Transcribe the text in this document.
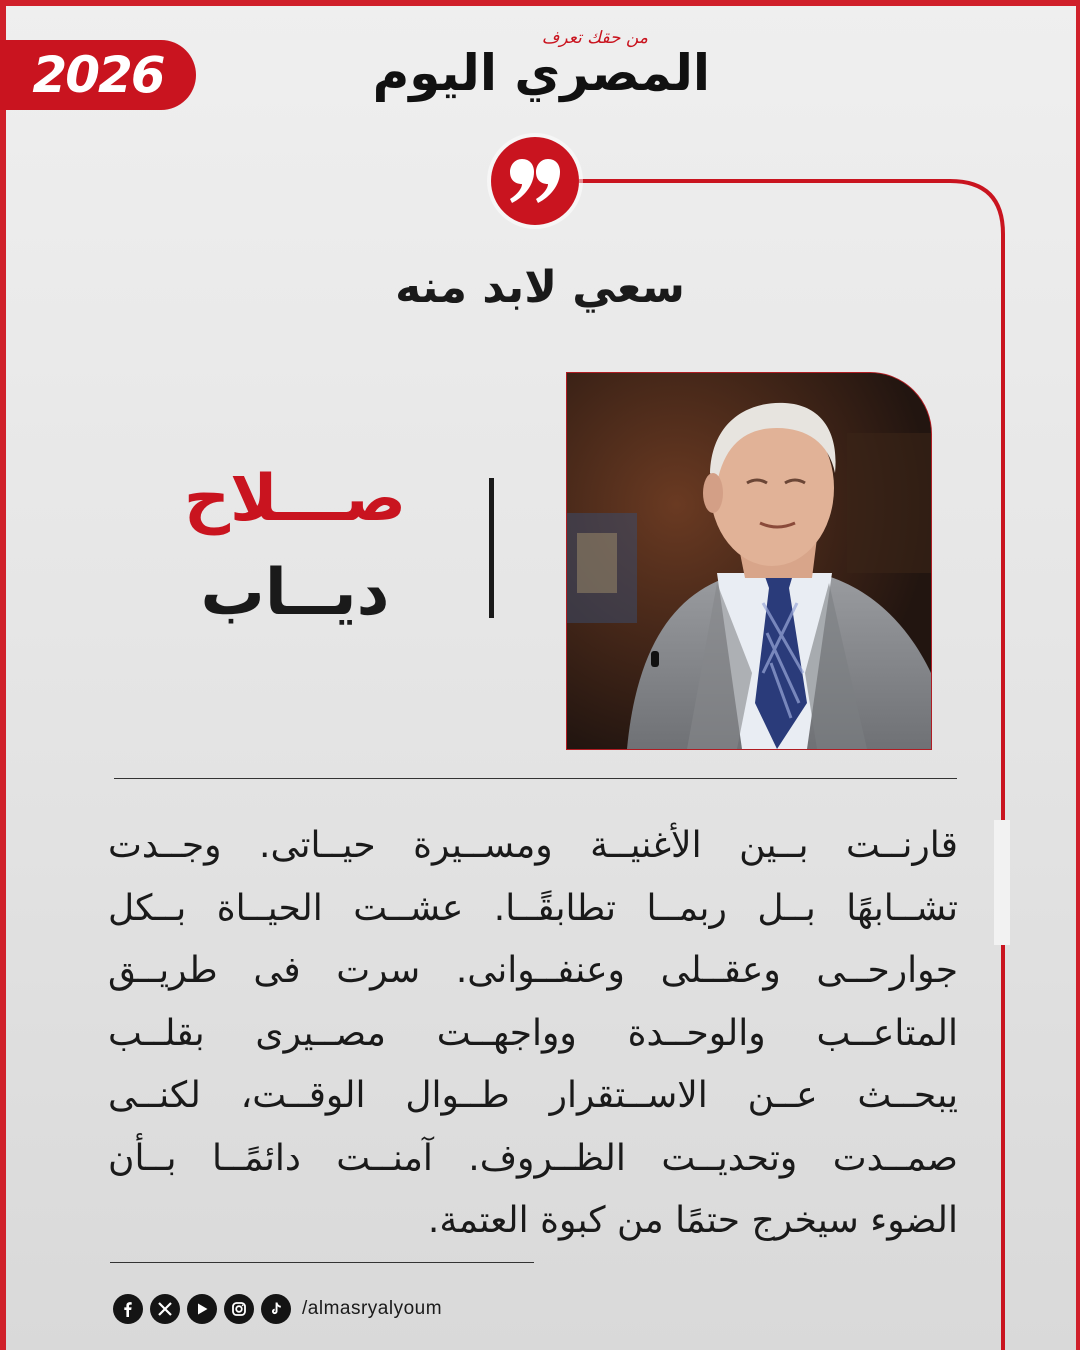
2026
من حقك تعرف
المصري اليوم
سعي لابد منه
صـــلاح
ديــاب
قارنــت بــين الأغنيــة ومســيرة حيــاتى. وجــدت
تشــابهًا بــل ربمــا تطابقًــا. عشــت الحيــاة بــكل
جوارحــى وعقــلى وعنفــوانى. سرت فى طريــق
المتاعــب والوحــدة وواجهــت مصــيرى بقلــب
يبحــث عــن الاســتقرار طــوال الوقــت، لكنــى
صمــدت وتحديــت الظــروف. آمنــت دائمًــا بــأن
الضوء سيخرج حتمًا من كبوة العتمة.
/almasryalyoum
